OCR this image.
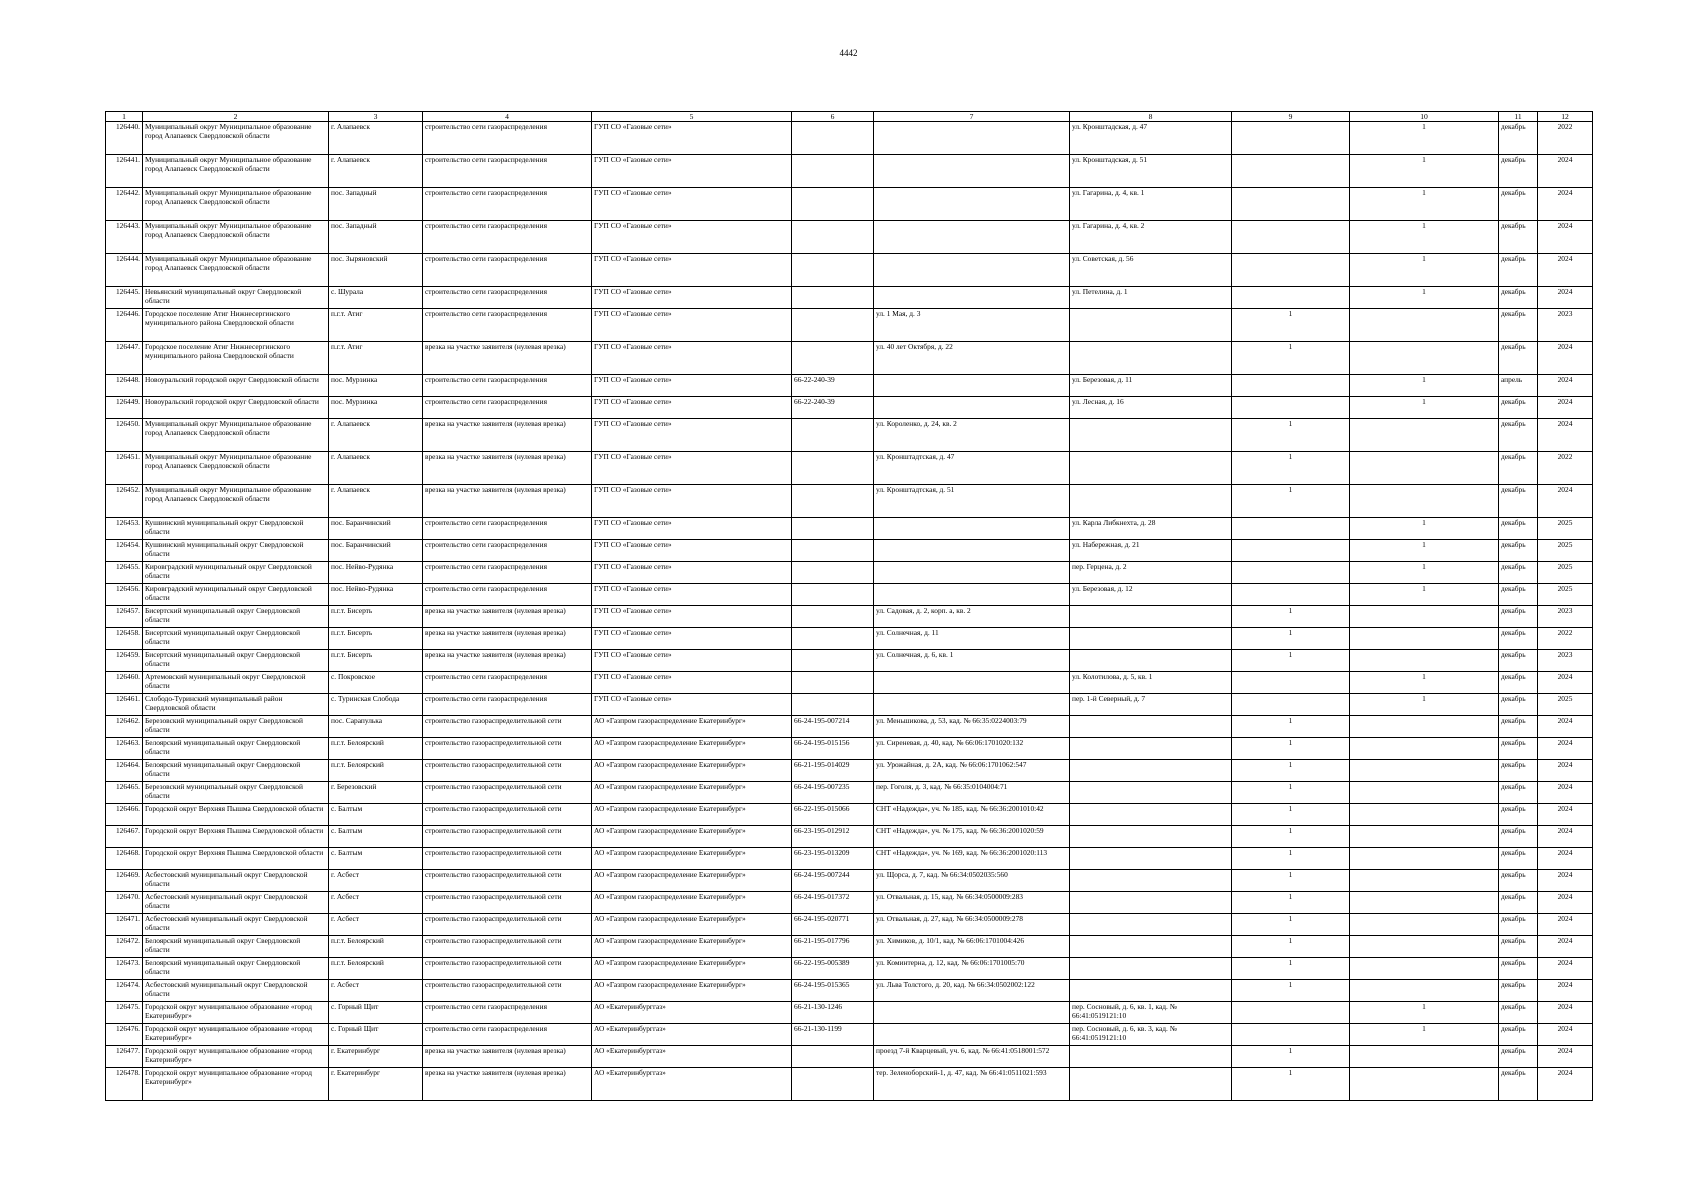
4442
1	2	3	4	5	6	7	8	9	10	11	12
126440.	Муниципальный округ Муниципальное образование город Алапаевск Свердловской области	г. Алапаевск	строительство сети газораспределения	ГУП СО «Газовые сети»			ул. Кронштадская, д. 47		1	декабрь	2022
126441.	Муниципальный округ Муниципальное образование город Алапаевск Свердловской области	г. Алапаевск	строительство сети газораспределения	ГУП СО «Газовые сети»			ул. Кронштадская, д. 51		1	декабрь	2024
126442.	Муниципальный округ Муниципальное образование город Алапаевск Свердловской области	пос. Западный	строительство сети газораспределения	ГУП СО «Газовые сети»			ул. Гагарина, д. 4, кв. 1		1	декабрь	2024
126443.	Муниципальный округ Муниципальное образование город Алапаевск Свердловской области	пос. Западный	строительство сети газораспределения	ГУП СО «Газовые сети»			ул. Гагарина, д. 4, кв. 2		1	декабрь	2024
126444.	Муниципальный округ Муниципальное образование город Алапаевск Свердловской области	пос. Зыряновский	строительство сети газораспределения	ГУП СО «Газовые сети»			ул. Советская, д. 56		1	декабрь	2024
126445.	Невьянский муниципальный округ Свердловской области	с. Шурала	строительство сети газораспределения	ГУП СО «Газовые сети»			ул. Петелина, д. 1		1	декабрь	2024
126446.	Городское поселение Атиг Нижнесергинского муниципального района Свердловской области	п.г.т. Атиг	строительство сети газораспределения	ГУП СО «Газовые сети»		ул. 1 Мая, д. 3		1		декабрь	2023
126447.	Городское поселение Атиг Нижнесергинского муниципального района Свердловской области	п.г.т. Атиг	врезка на участке заявителя (нулевая врезка)	ГУП СО «Газовые сети»		ул. 40 лет Октября, д. 22		1		декабрь	2024
126448.	Новоуральский городской округ Свердловской области	пос. Мурзинка	строительство сети газораспределения	ГУП СО «Газовые сети»	66-22-240-39		ул. Березовая, д. 11		1	апрель	2024
126449.	Новоуральский городской округ Свердловской области	пос. Мурзинка	строительство сети газораспределения	ГУП СО «Газовые сети»	66-22-240-39		ул. Лесная, д. 16		1	декабрь	2024
126450.	Муниципальный округ Муниципальное образование город Алапаевск Свердловской области	г. Алапаевск	врезка на участке заявителя (нулевая врезка)	ГУП СО «Газовые сети»		ул. Короленко, д. 24, кв. 2		1		декабрь	2024
126451.	Муниципальный округ Муниципальное образование город Алапаевск Свердловской области	г. Алапаевск	врезка на участке заявителя (нулевая врезка)	ГУП СО «Газовые сети»		ул. Кронштадтская, д. 47		1		декабрь	2022
126452.	Муниципальный округ Муниципальное образование город Алапаевск Свердловской области	г. Алапаевск	врезка на участке заявителя (нулевая врезка)	ГУП СО «Газовые сети»		ул. Кронштадтская, д. 51		1		декабрь	2024
126453.	Кушвинский муниципальный округ Свердловской области	пос. Баранчинский	строительство сети газораспределения	ГУП СО «Газовые сети»			ул. Карла Либкнехта, д. 28		1	декабрь	2025
126454.	Кушвинский муниципальный округ Свердловской области	пос. Баранчинский	строительство сети газораспределения	ГУП СО «Газовые сети»			ул. Набережная, д. 21		1	декабрь	2025
126455.	Кировградский муниципальный округ Свердловской области	пос. Нейво-Рудянка	строительство сети газораспределения	ГУП СО «Газовые сети»			пер. Герцена, д. 2		1	декабрь	2025
126456.	Кировградский муниципальный округ Свердловской области	пос. Нейво-Рудянка	строительство сети газораспределения	ГУП СО «Газовые сети»			ул. Березовая, д. 12		1	декабрь	2025
126457.	Бисертский муниципальный округ Свердловской области	п.г.т. Бисерть	врезка на участке заявителя (нулевая врезка)	ГУП СО «Газовые сети»		ул. Садовая, д. 2, корп. а, кв. 2		1		декабрь	2023
126458.	Бисертский муниципальный округ Свердловской области	п.г.т. Бисерть	врезка на участке заявителя (нулевая врезка)	ГУП СО «Газовые сети»		ул. Солнечная, д. 11		1		декабрь	2022
126459.	Бисертский муниципальный округ Свердловской области	п.г.т. Бисерть	врезка на участке заявителя (нулевая врезка)	ГУП СО «Газовые сети»		ул. Солнечная, д. 6, кв. 1		1		декабрь	2023
126460.	Артемовский муниципальный округ Свердловской области	с. Покровское	строительство сети газораспределения	ГУП СО «Газовые сети»			ул. Колотилова, д. 5, кв. 1		1	декабрь	2024
126461.	Слободо-Туринский муниципальный район Свердловской области	с. Туринская Слобода	строительство сети газораспределения	ГУП СО «Газовые сети»			пер. 1-й Северный, д. 7		1	декабрь	2025
126462.	Березовский муниципальный округ Свердловской области	пос. Сарапулька	строительство газораспределительной сети	АО «Газпром газораспределение Екатеринбург»	66-24-195-007214	ул. Меньшикова, д. 53, кад. № 66:35:0224003:79		1		декабрь	2024
126463.	Белоярский муниципальный округ Свердловской области	п.г.т. Белоярский	строительство газораспределительной сети	АО «Газпром газораспределение Екатеринбург»	66-24-195-015156	ул. Сиреневая, д. 40, кад. № 66:06:1701020:132		1		декабрь	2024
126464.	Белоярский муниципальный округ Свердловской области	п.г.т. Белоярский	строительство газораспределительной сети	АО «Газпром газораспределение Екатеринбург»	66-21-195-014029	ул. Урожайная, д. 2А, кад. № 66:06:1701062:547		1		декабрь	2024
126465.	Березовский муниципальный округ Свердловской области	г. Березовский	строительство газораспределительной сети	АО «Газпром газораспределение Екатеринбург»	66-24-195-007235	пер. Гоголя, д. 3, кад. № 66:35:0104004:71		1		декабрь	2024
126466.	Городской округ Верхняя Пышма Свердловской области	с. Балтым	строительство газораспределительной сети	АО «Газпром газораспределение Екатеринбург»	66-22-195-015066	СНТ «Надежда», уч. № 185, кад. № 66:36:2001010:42		1		декабрь	2024
126467.	Городской округ Верхняя Пышма Свердловской области	с. Балтым	строительство газораспределительной сети	АО «Газпром газораспределение Екатеринбург»	66-23-195-012912	СНТ «Надежда», уч. № 175, кад. № 66:36:2001020:59		1		декабрь	2024
126468.	Городской округ Верхняя Пышма Свердловской области	с. Балтым	строительство газораспределительной сети	АО «Газпром газораспределение Екатеринбург»	66-23-195-013209	СНТ «Надежда», уч. № 169, кад. № 66:36:2001020:113		1		декабрь	2024
126469.	Асбестовский муниципальный округ Свердловской области	г. Асбест	строительство газораспределительной сети	АО «Газпром газораспределение Екатеринбург»	66-24-195-007244	ул. Щорса, д. 7, кад. № 66:34:0502035:560		1		декабрь	2024
126470.	Асбестовский муниципальный округ Свердловской области	г. Асбест	строительство газораспределительной сети	АО «Газпром газораспределение Екатеринбург»	66-24-195-017372	ул. Отвальная, д. 15, кад. № 66:34:0500009:283		1		декабрь	2024
126471.	Асбестовский муниципальный округ Свердловской области	г. Асбест	строительство газораспределительной сети	АО «Газпром газораспределение Екатеринбург»	66-24-195-020771	ул. Отвальная, д. 27, кад. № 66:34:0500009:278		1		декабрь	2024
126472.	Белоярский муниципальный округ Свердловской области	п.г.т. Белоярский	строительство газораспределительной сети	АО «Газпром газораспределение Екатеринбург»	66-21-195-017796	ул. Химиков, д. 10/1, кад. № 66:06:1701004:426		1		декабрь	2024
126473.	Белоярский муниципальный округ Свердловской области	п.г.т. Белоярский	строительство газораспределительной сети	АО «Газпром газораспределение Екатеринбург»	66-22-195-005389	ул. Коминтерна, д. 12, кад. № 66:06:1701005:70		1		декабрь	2024
126474.	Асбестовский муниципальный округ Свердловской области	г. Асбест	строительство газораспределительной сети	АО «Газпром газораспределение Екатеринбург»	66-24-195-015365	ул. Льва Толстого, д. 20, кад. № 66:34:0502002:122		1		декабрь	2024
126475.	Городской округ муниципальное образование «город Екатеринбург»	с. Горный Щит	строительство сети газораспределения	АО «Екатеринбурггаз»	66-21-130-1246		пер. Сосновый, д. 6, кв. 1, кад. № 66:41:0519121:10		1	декабрь	2024
126476.	Городской округ муниципальное образование «город Екатеринбург»	с. Горный Щит	строительство сети газораспределения	АО «Екатеринбурггаз»	66-21-130-1199		пер. Сосновый, д. 6, кв. 3, кад. № 66:41:0519121:10		1	декабрь	2024
126477.	Городской округ муниципальное образование «город Екатеринбург»	г. Екатеринбург	врезка на участке заявителя (нулевая врезка)	АО «Екатеринбурггаз»		проезд 7-й Кварцевый, уч. 6, кад. № 66:41:0518001:572		1		декабрь	2024
126478.	Городской округ муниципальное образование «город Екатеринбург»	г. Екатеринбург	врезка на участке заявителя (нулевая врезка)	АО «Екатеринбурггаз»		тер. Зеленоборский-1, д. 47, кад. № 66:41:0511021:593		1		декабрь	2024
